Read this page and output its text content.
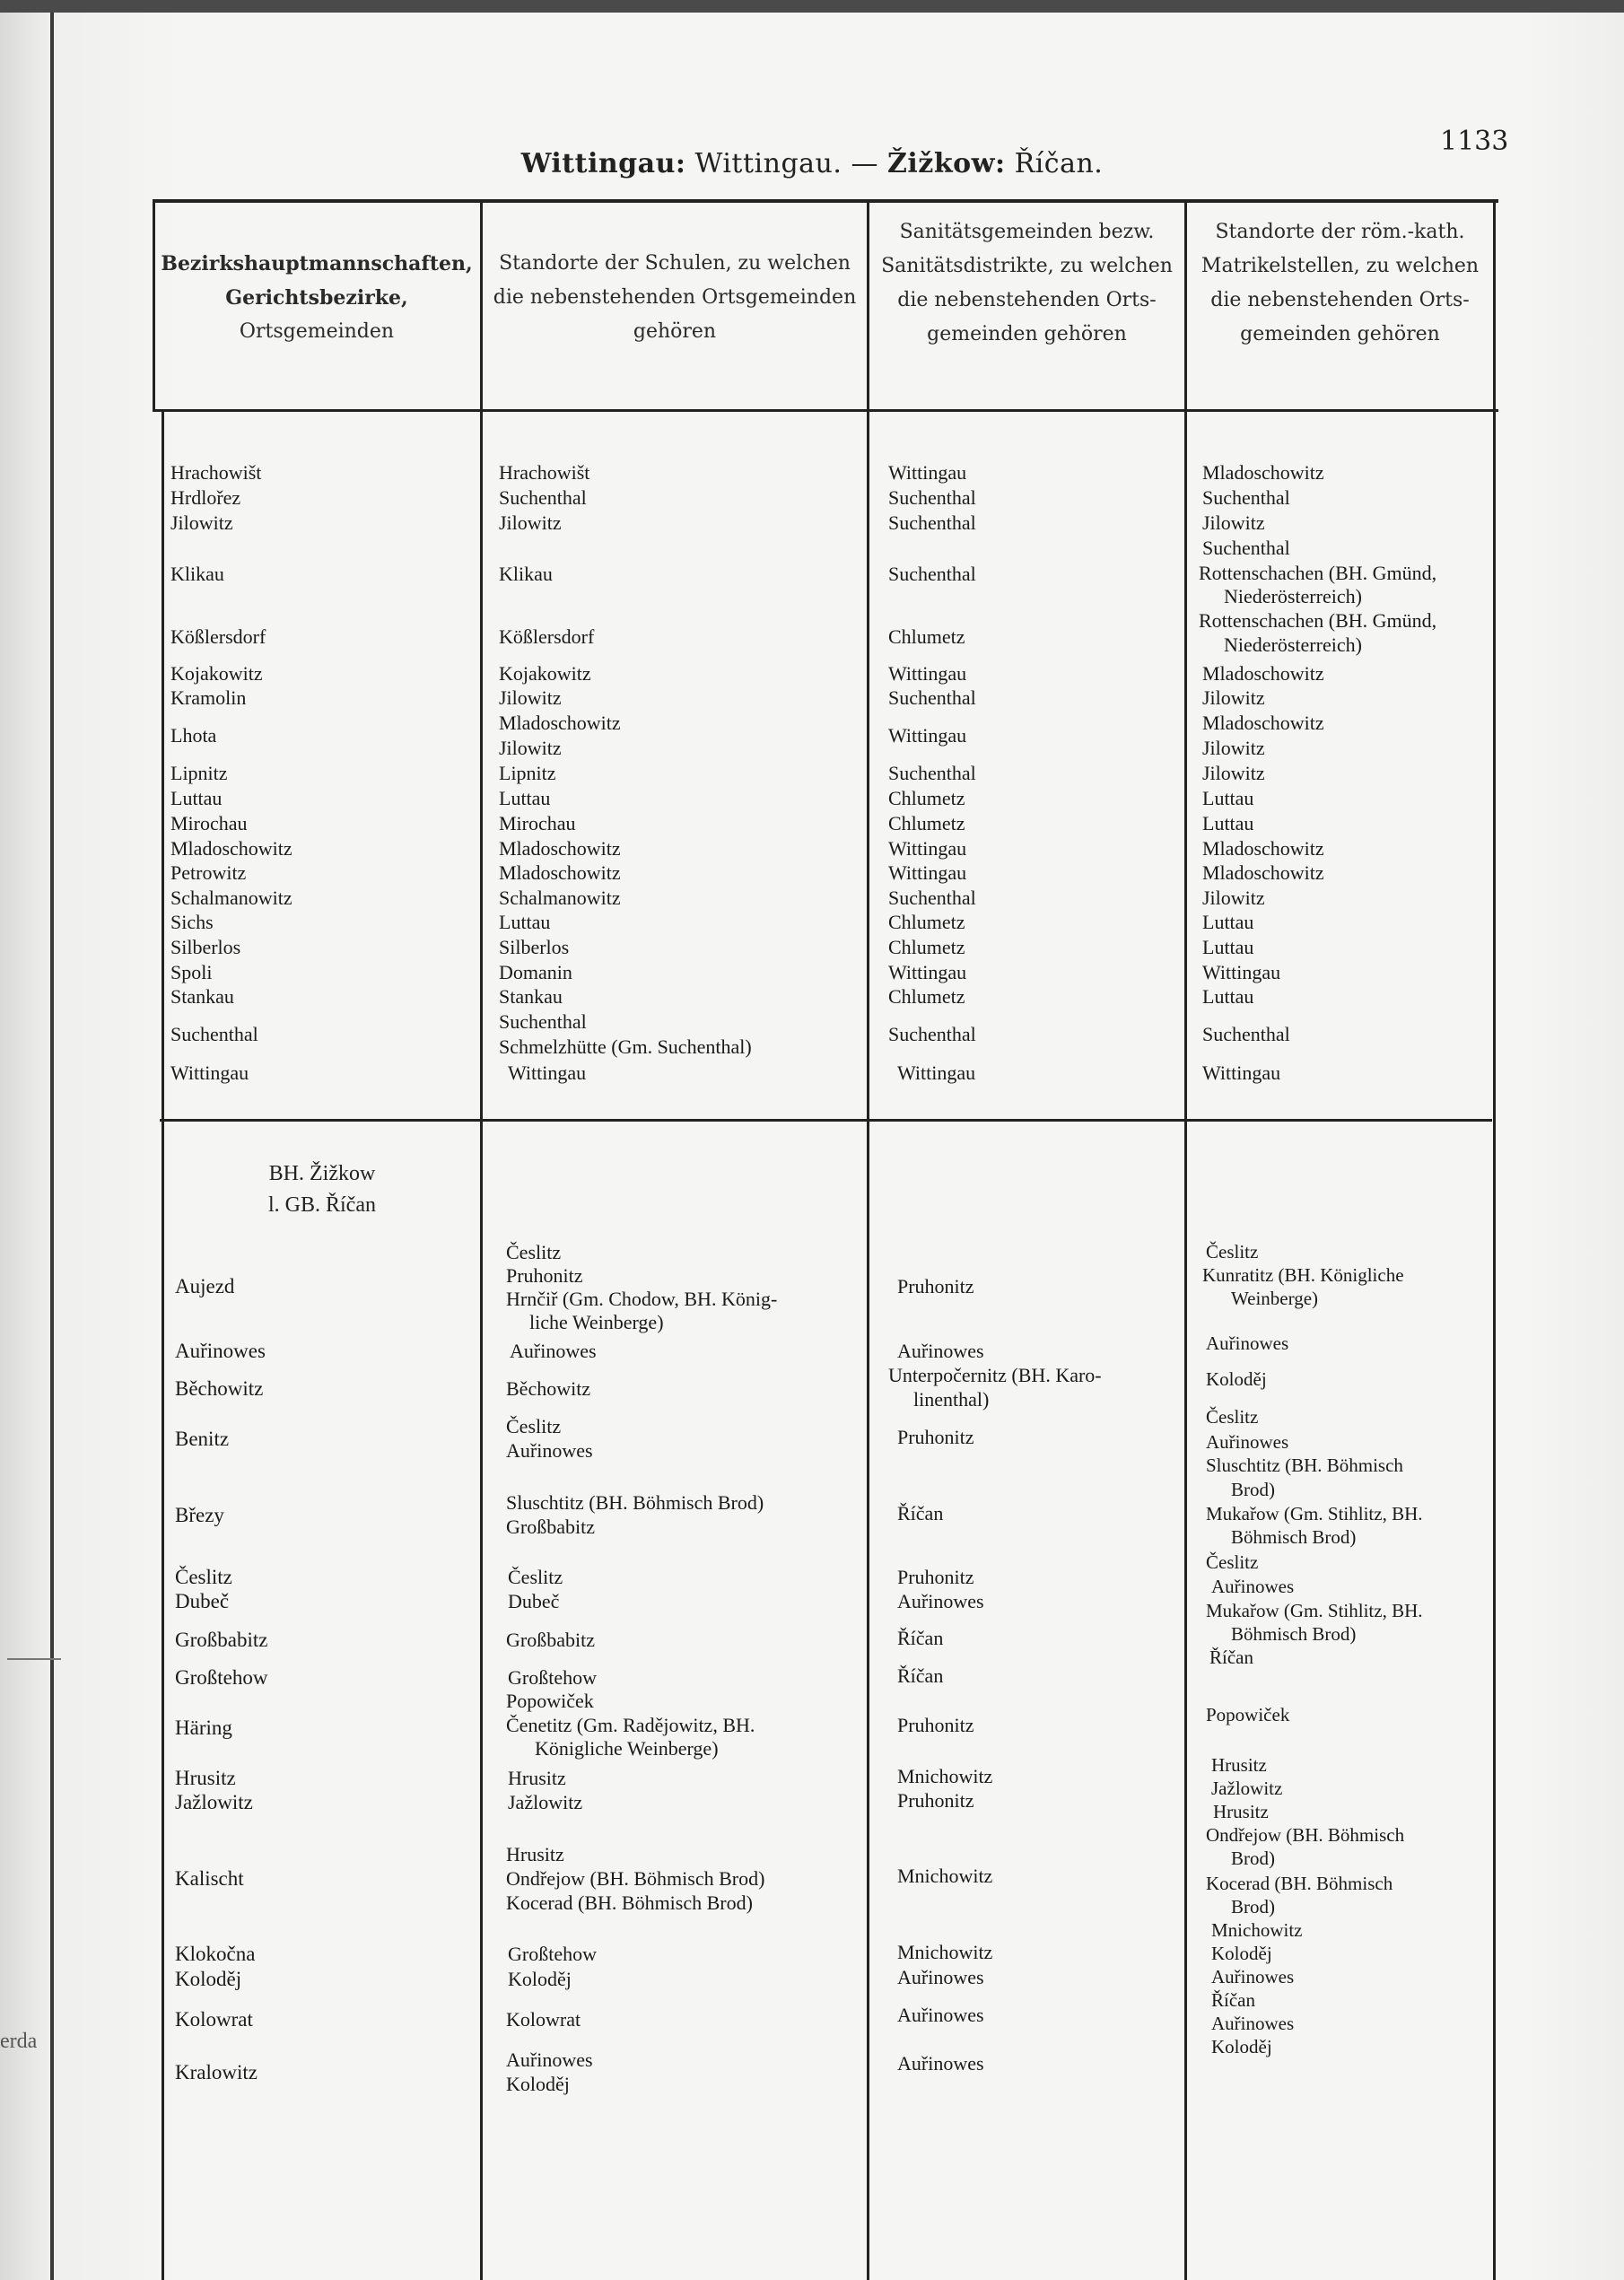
erda
Wittingau: Wittingau. — Žižkow: Říčan.
1133
Bezirkshauptmannschaften,
Gerichtsbezirke,
Ortsgemeinden
Standorte der Schulen, zu welchen
die nebenstehenden Ortsgemeinden
gehören
Sanitätsgemeinden bezw.
Sanitätsdistrikte, zu welchen
die nebenstehenden Orts-
gemeinden gehören
Standorte der röm.-kath.
Matrikelstellen, zu welchen
die nebenstehenden Orts-
gemeinden gehören
Hrachowišt
Hrdlořez
Jilowitz
Klikau
Kößlersdorf
Kojakowitz
Kramolin
Lhota
Lipnitz
Luttau
Mirochau
Mladoschowitz
Petrowitz
Schalmanowitz
Sichs
Silberlos
Spoli
Stankau
Suchenthal
Wittingau
Hrachowišt
Suchenthal
Jilowitz
Klikau
Kößlersdorf
Kojakowitz
Jilowitz
Mladoschowitz
Jilowitz
Lipnitz
Luttau
Mirochau
Mladoschowitz
Mladoschowitz
Schalmanowitz
Luttau
Silberlos
Domanin
Stankau
Suchenthal
Schmelzhütte (Gm. Suchenthal)
Wittingau
Wittingau
Suchenthal
Suchenthal
Suchenthal
Chlumetz
Wittingau
Suchenthal
Wittingau
Suchenthal
Chlumetz
Chlumetz
Wittingau
Wittingau
Suchenthal
Chlumetz
Chlumetz
Wittingau
Chlumetz
Suchenthal
Wittingau
Mladoschowitz
Suchenthal
Jilowitz
Suchenthal
Rottenschachen (BH. Gmünd,
Niederösterreich)
Rottenschachen (BH. Gmünd,
Niederösterreich)
Mladoschowitz
Jilowitz
Mladoschowitz
Jilowitz
Jilowitz
Luttau
Luttau
Mladoschowitz
Mladoschowitz
Jilowitz
Luttau
Luttau
Wittingau
Luttau
Suchenthal
Wittingau
BH. Žižkow
l. GB. Říčan
Aujezd
Auřinowes
Běchowitz
Benitz
Březy
Česlitz
Dubeč
Großbabitz
Großtehow
Häring
Hrusitz
Jažlowitz
Kalischt
Klokočna
Koloděj
Kolowrat
Kralowitz
Česlitz
Pruhonitz
Hrnčiř (Gm. Chodow, BH. König-
liche Weinberge)
Auřinowes
Běchowitz
Česlitz
Auřinowes
Sluschtitz (BH. Böhmisch Brod)
Großbabitz
Česlitz
Dubeč
Großbabitz
Großtehow
Popowiček
Čenetitz (Gm. Radějowitz, BH.
Königliche Weinberge)
Hrusitz
Jažlowitz
Hrusitz
Ondřejow (BH. Böhmisch Brod)
Kocerad (BH. Böhmisch Brod)
Großtehow
Koloděj
Kolowrat
Auřinowes
Koloděj
Pruhonitz
Auřinowes
Unterpočernitz (BH. Karo-
linenthal)
Pruhonitz
Říčan
Pruhonitz
Auřinowes
Říčan
Říčan
Pruhonitz
Mnichowitz
Pruhonitz
Mnichowitz
Mnichowitz
Auřinowes
Auřinowes
Auřinowes
Česlitz
Kunratitz (BH. Königliche
Weinberge)
Auřinowes
Koloděj
Česlitz
Auřinowes
Sluschtitz (BH. Böhmisch
Brod)
Mukařow (Gm. Stihlitz, BH.
Böhmisch Brod)
Česlitz
Auřinowes
Mukařow (Gm. Stihlitz, BH.
Böhmisch Brod)
Říčan
Popowiček
Hrusitz
Jažlowitz
Hrusitz
Ondřejow (BH. Böhmisch
Brod)
Kocerad (BH. Böhmisch
Brod)
Mnichowitz
Koloděj
Auřinowes
Říčan
Auřinowes
Koloděj
